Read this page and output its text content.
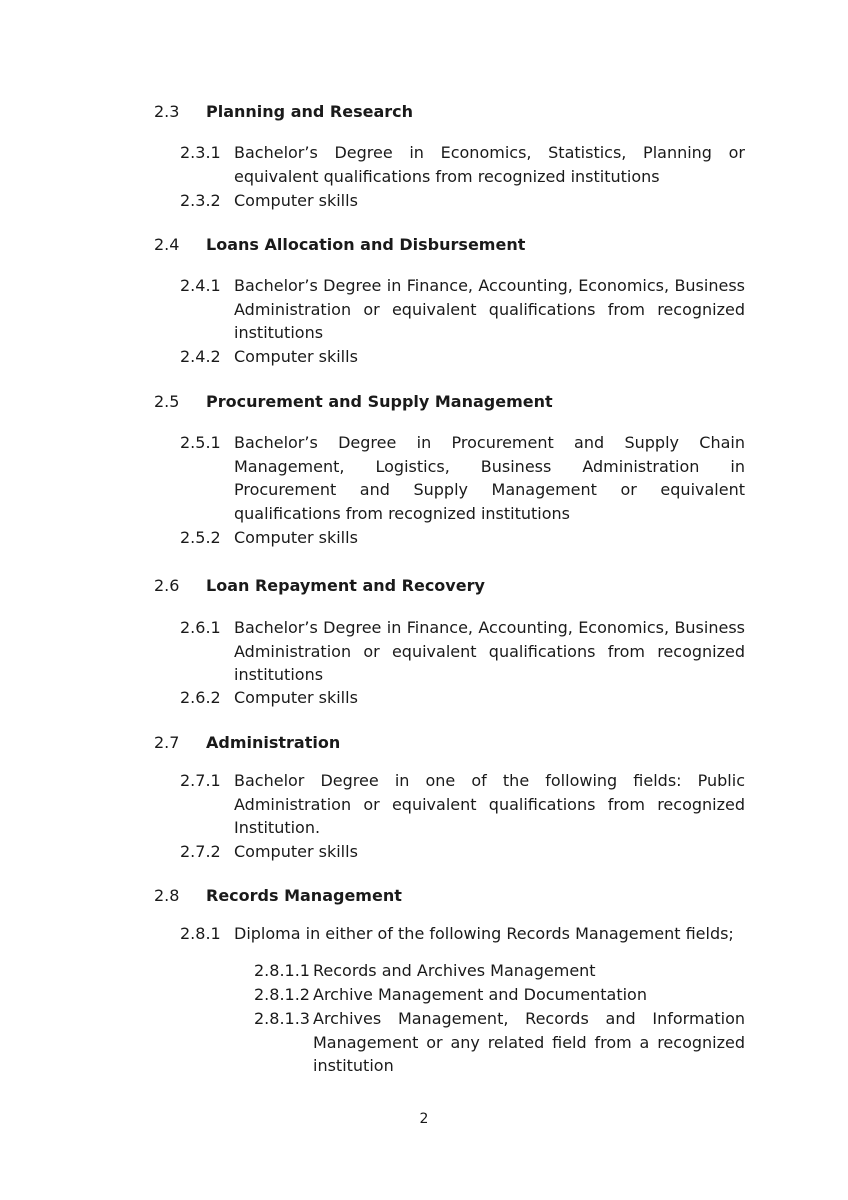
2.3 Planning and Research
2.3.1 Bachelor’s Degree in Economics, Statistics, Planning or equivalent qualifications from recognized institutions
2.3.2 Computer skills
2.4 Loans Allocation and Disbursement
2.4.1 Bachelor’s Degree in Finance, Accounting, Economics, Business Administration or equivalent qualifications from recognized institutions
2.4.2 Computer skills
2.5 Procurement and Supply Management
2.5.1 Bachelor’s Degree in Procurement and Supply Chain Management, Logistics, Business Administration in Procurement and Supply Management or equivalent qualifications from recognized institutions
2.5.2 Computer skills
2.6 Loan Repayment and Recovery
2.6.1 Bachelor’s Degree in Finance, Accounting, Economics, Business Administration or equivalent qualifications from recognized institutions
2.6.2 Computer skills
2.7 Administration
2.7.1 Bachelor Degree in one of the following fields: Public Administration or equivalent qualifications from recognized Institution.
2.7.2 Computer skills
2.8 Records Management
2.8.1 Diploma in either of the following Records Management fields;
2.8.1.1 Records and Archives Management
2.8.1.2 Archive Management and Documentation
2.8.1.3 Archives Management, Records and Information Management or any related field from a recognized institution
2
